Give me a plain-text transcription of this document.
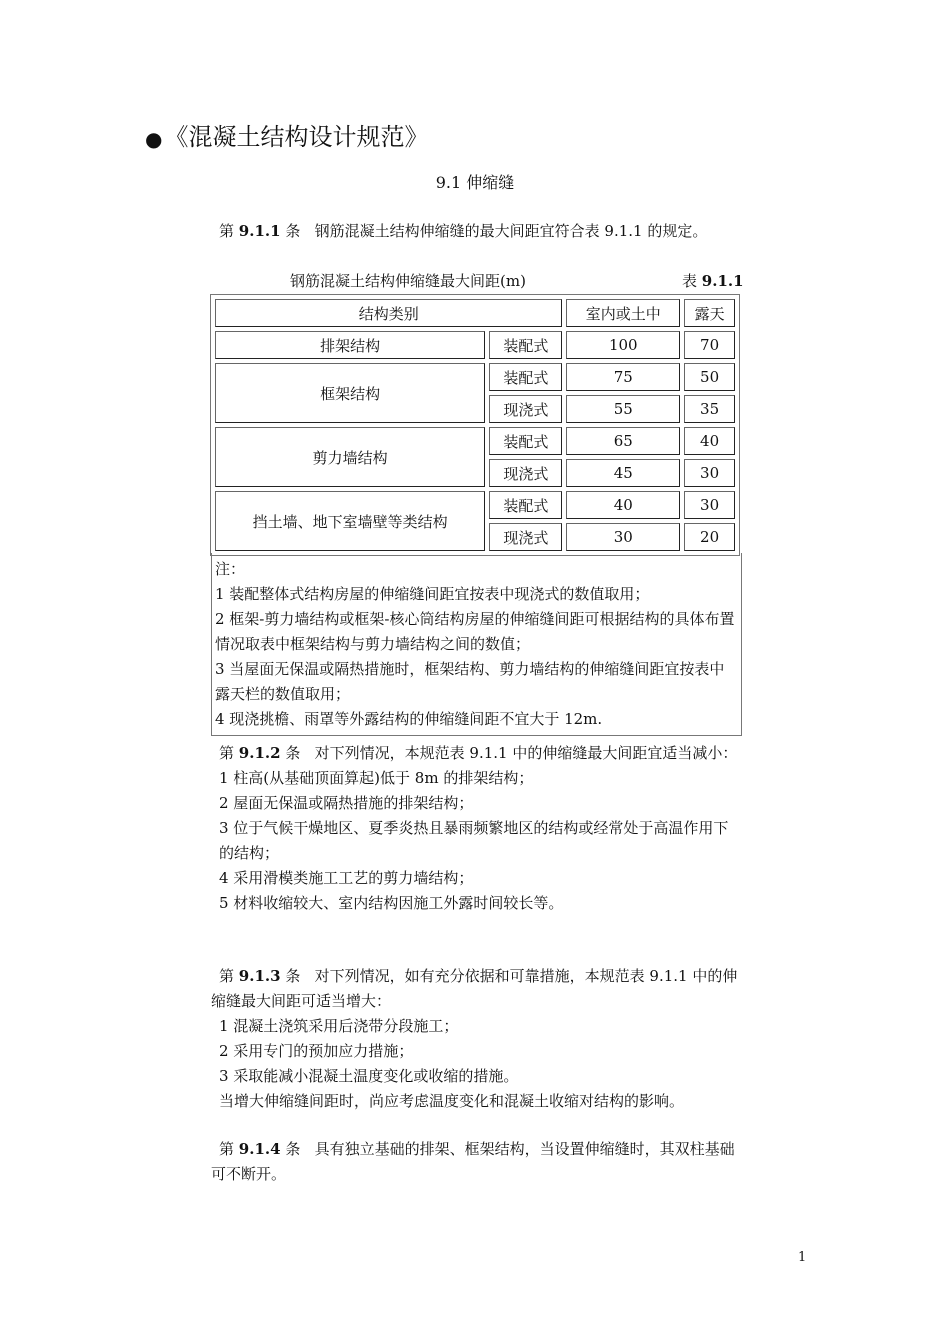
●《混凝土结构设计规范》
9.1 伸缩缝
第 9.1.1 条 钢筋混凝土结构伸缩缝的最大间距宜符合表 9.1.1 的规定。
钢筋混凝土结构伸缩缝最大间距(m)	表 9.1.1
结构类别		室内或土中	露天
排架结构	装配式	100	70
框架结构	装配式	75	50
	现浇式	55	35
剪力墙结构	装配式	65	40
	现浇式	45	30
挡土墙、地下室墙壁等类结构	装配式	40	30
	现浇式	30	20
注：
1 装配整体式结构房屋的伸缩缝间距宜按表中现浇式的数值取用；
2 框架-剪力墙结构或框架-核心筒结构房屋的伸缩缝间距可根据结构的具体布置情况取表中框架结构与剪力墙结构之间的数值；
3 当屋面无保温或隔热措施时，框架结构、剪力墙结构的伸缩缝间距宜按表中露天栏的数值取用；
4 现浇挑檐、雨罩等外露结构的伸缩缝间距不宜大于 12m.
第 9.1.2 条 对下列情况，本规范表 9.1.1 中的伸缩缝最大间距宜适当减小：
1 柱高(从基础顶面算起)低于 8m 的排架结构；
2 屋面无保温或隔热措施的排架结构；
3 位于气候干燥地区、夏季炎热且暴雨频繁地区的结构或经常处于高温作用下的结构；
4 采用滑模类施工工艺的剪力墙结构；
5 材料收缩较大、室内结构因施工外露时间较长等。
第 9.1.3 条 对下列情况，如有充分依据和可靠措施，本规范表 9.1.1 中的伸缩缝最大间距可适当增大：
1 混凝土浇筑采用后浇带分段施工；
2 采用专门的预加应力措施；
3 采取能减小混凝土温度变化或收缩的措施。
当增大伸缩缝间距时，尚应考虑温度变化和混凝土收缩对结构的影响。
第 9.1.4 条 具有独立基础的排架、框架结构，当设置伸缩缝时，其双柱基础可不断开。
1
